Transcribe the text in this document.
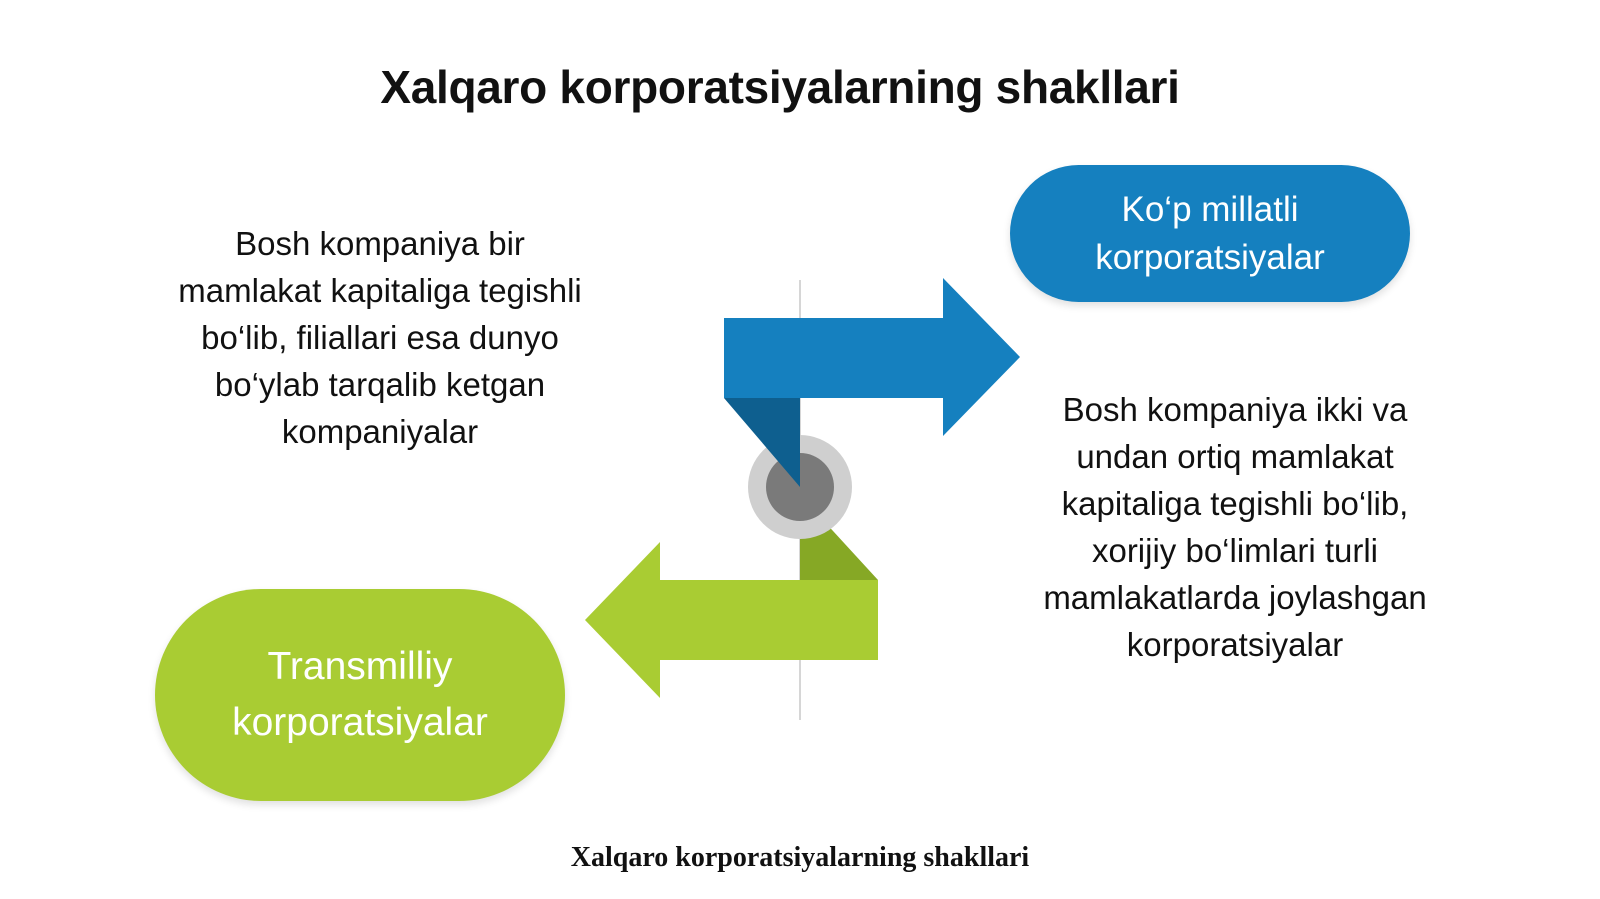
Xalqaro korporatsiyalarning shakllari
Bosh kompaniya bir mamlakat kapitaliga tegishli bo‘lib, filiallari esa dunyo bo‘ylab tarqalib ketgan kompaniyalar
Ko‘p millatli korporatsiyalar
Bosh kompaniya ikki va undan ortiq mamlakat kapitaliga tegishli bo‘lib, xorijiy bo‘limlari turli mamlakatlarda joylashgan korporatsiyalar
Transmilliy korporatsiyalar
Xalqaro korporatsiyalarning shakllari
